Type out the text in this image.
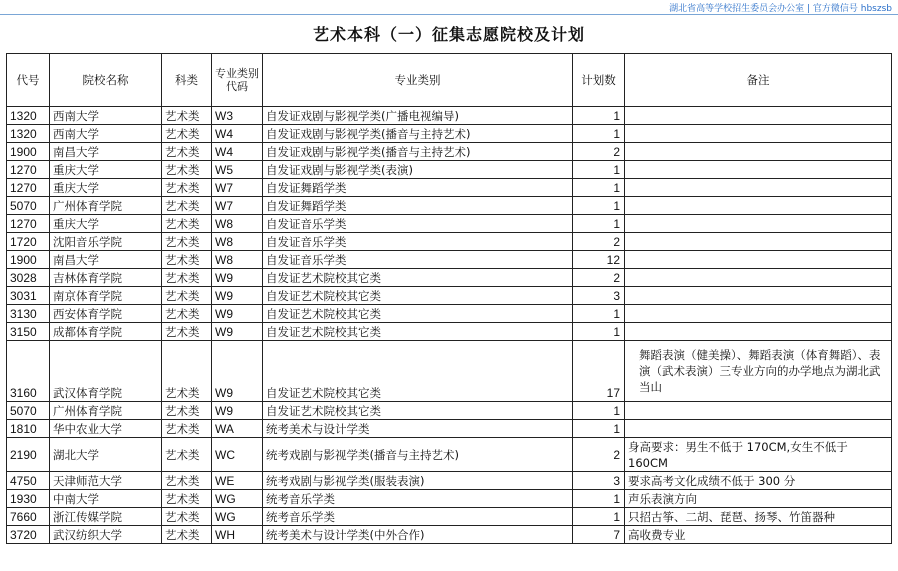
湖北省高等学校招生委员会办公室 | 官方微信号 hbszsb
艺术本科（一）征集志愿院校及计划
代号	院校名称	科类	专业类别代码	专业类别	计划数	备注
1320	西南大学	艺术类	W3	自发证戏剧与影视学类(广播电视编导)	1	
1320	西南大学	艺术类	W4	自发证戏剧与影视学类(播音与主持艺术)	1	
1900	南昌大学	艺术类	W4	自发证戏剧与影视学类(播音与主持艺术)	2	
1270	重庆大学	艺术类	W5	自发证戏剧与影视学类(表演)	1	
1270	重庆大学	艺术类	W7	自发证舞蹈学类	1	
5070	广州体育学院	艺术类	W7	自发证舞蹈学类	1	
1270	重庆大学	艺术类	W8	自发证音乐学类	1	
1720	沈阳音乐学院	艺术类	W8	自发证音乐学类	2	
1900	南昌大学	艺术类	W8	自发证音乐学类	12	
3028	吉林体育学院	艺术类	W9	自发证艺术院校其它类	2	
3031	南京体育学院	艺术类	W9	自发证艺术院校其它类	3	
3130	西安体育学院	艺术类	W9	自发证艺术院校其它类	1	
3150	成都体育学院	艺术类	W9	自发证艺术院校其它类	1	
3160	武汉体育学院	艺术类	W9	自发证艺术院校其它类	17	舞蹈表演（健美操）、舞蹈表演（体育舞蹈）、表演（武术表演）三专业方向的办学地点为湖北武当山
5070	广州体育学院	艺术类	W9	自发证艺术院校其它类	1	
1810	华中农业大学	艺术类	WA	统考美术与设计学类	1	
2190	湖北大学	艺术类	WC	统考戏剧与影视学类(播音与主持艺术)	2	身高要求：男生不低于 170CM,女生不低于 160CM
4750	天津师范大学	艺术类	WE	统考戏剧与影视学类(服装表演)	3	要求高考文化成绩不低于 300 分
1930	中南大学	艺术类	WG	统考音乐学类	1	声乐表演方向
7660	浙江传媒学院	艺术类	WG	统考音乐学类	1	只招古筝、二胡、琵琶、扬琴、竹笛器种
3720	武汉纺织大学	艺术类	WH	统考美术与设计学类(中外合作)	7	高收费专业
